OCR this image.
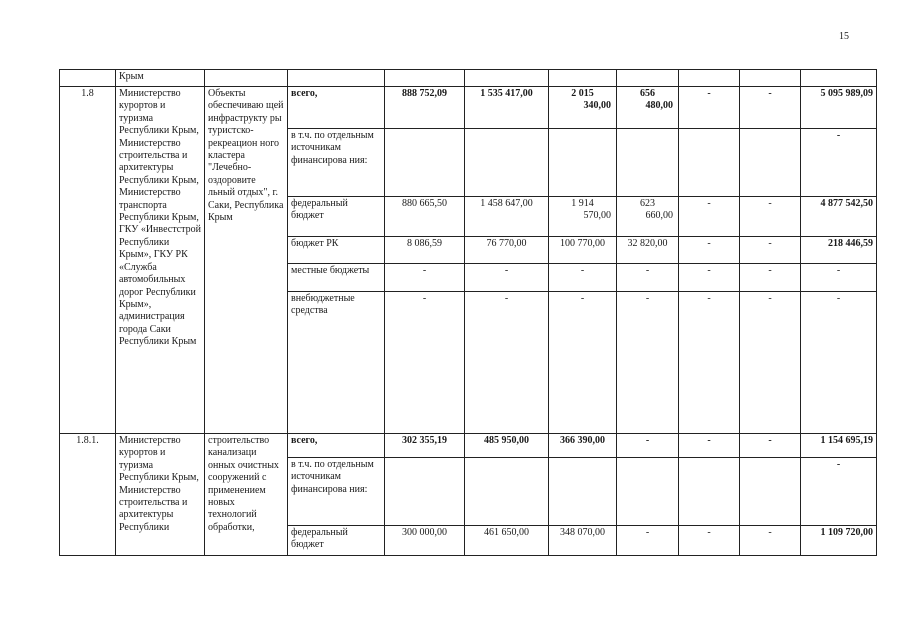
15
	Крым									
1.8	Министерство курортов и туризма Республики Крым, Министерство строительства и архитектуры Республики Крым, Министерство транспорта Республики Крым, ГКУ «Инвестстрой Республики Крым», ГКУ РК «Служба автомобильных дорог Республики Крым», администрация города Саки Республики Крым	Объекты обеспечиваю щей инфраструкту ры туристско-рекреацион ного кластера "Лечебно-оздоровите льный отдых", г. Саки, Республика Крым	всего,	888 752,09	1 535 417,00	2 015
340,00	656
480,00	-	-	5 095 989,09
			в т.ч. по отдельным источникам финансирова ния:							-
			федеральный бюджет	880 665,50	1 458 647,00	1 914
570,00	623
660,00	-	-	4 877 542,50
			бюджет РК	8 086,59	76 770,00	100 770,00	32 820,00	-	-	218 446,59
			местные бюджеты	-	-	-	-	-	-	-
			внебюджетные средства	-	-	-	-	-	-	-
1.8.1.	Министерство курортов и туризма Республики Крым, Министерство строительства и архитектуры Республики	строительство канализаци онных очистных сооружений с применением новых технологий обработки,	всего,	302 355,19	485 950,00	366 390,00	-	-	-	1 154 695,19
			в т.ч. по отдельным источникам финансирова ния:							-
			федеральный бюджет	300 000,00	461 650,00	348 070,00	-	-	-	1 109 720,00
